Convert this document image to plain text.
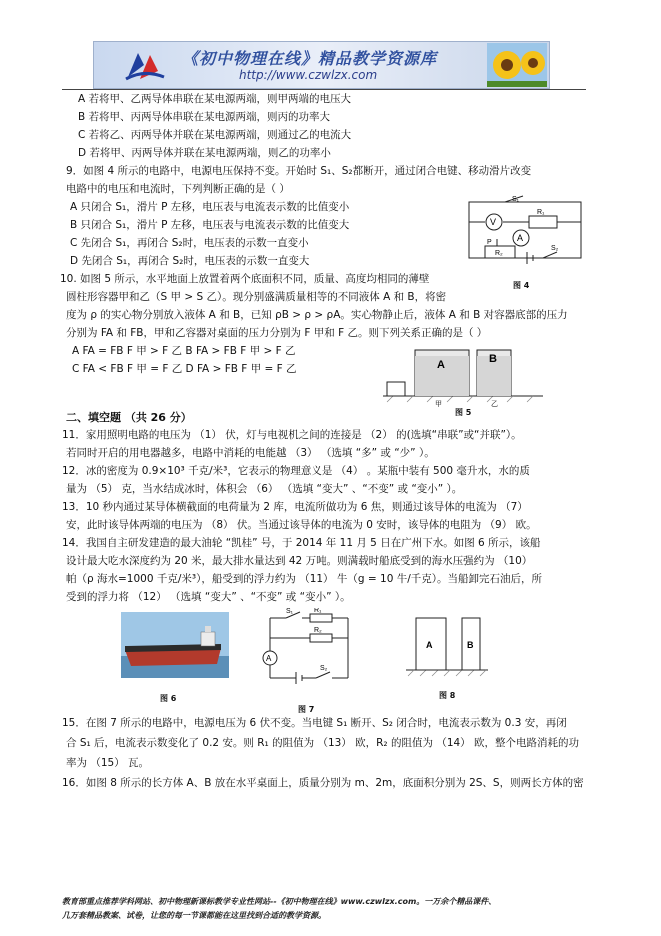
《初中物理在线》精品教学资源库
http://www.czwlzx.com
A 若将甲、乙两导体串联在某电源两端，则甲两端的电压大
B 若将甲、丙两导体串联在某电源两端，则丙的功率大
C 若将乙、丙两导体并联在某电源两端，则通过乙的电流大
D 若将甲、丙两导体并联在某电源两端，则乙的功率小
9．如图 4 所示的电路中，电源电压保持不变。开始时 S₁、S₂都断开，通过闭合电键、移动滑片改变
电路中的电压和电流时，下列判断正确的是（ ）
A 只闭合 S₁，滑片 P 左移，电压表与电流表示数的比值变小
B 只闭合 S₁，滑片 P 左移，电压表与电流表示数的比值变大
C 先闭合 S₁，再闭合 S₂时，电压表的示数一直变小
D 先闭合 S₁，再闭合 S₂时，电压表的示数一直变大
10. 如图 5 所示，水平地面上放置着两个底面积不同，质量、高度均相同的薄壁
圆柱形容器甲和乙（S 甲 > S 乙）。现分别盛满质量相等的不同液体 A 和 B，将密
度为 ρ 的实心物分别放入液体 A 和 B，已知 ρB > ρ > ρA。实心物静止后，液体 A 和 B 对容器底部的压力
分别为 FA 和 FB，甲和乙容器对桌面的压力分别为 F 甲和 F 乙。则下列关系正确的是（ ）
A FA = FB F 甲 > F 乙 B FA > FB F 甲 > F 乙
C FA < FB F 甲 = F 乙 D FA > FB F 甲 = F 乙
二、填空题 （共 26 分）
11．家用照明电路的电压为 （1） 伏，灯与电视机之间的连接是 （2） 的(选填“串联”或“并联”）。
若同时开启的用电器越多，电路中消耗的电能越 （3） （选填 “多” 或 “少” ）。
12．冰的密度为 0.9×10³ 千克/米³，它表示的物理意义是 （4） 。某瓶中装有 500 毫升水，水的质
量为 （5） 克，当水结成冰时，体积会 （6） （选填 “变大” 、“不变” 或 “变小” ）。
13．10 秒内通过某导体横截面的电荷量为 2 库，电流所做功为 6 焦，则通过该导体的电流为 （7）
安，此时该导体两端的电压为 （8） 伏。当通过该导体的电流为 0 安时，该导体的电阻为 （9） 欧。
14．我国自主研发建造的最大油轮 “凯桂” 号，于 2014 年 11 月 5 日在广州下水。如图 6 所示，该船
设计最大吃水深度约为 20 米，最大排水量达到 42 万吨。则满载时船底受到的海水压强约为 （10）
帕（ρ 海水=1000 千克/米³），船受到的浮力约为 （11） 牛（g = 10 牛/千克）。当船卸完石油后，所
受到的浮力将 （12） （选填 “变大” 、“不变” 或 “变小” ）。
15．在图 7 所示的电路中，电源电压为 6 伏不变。当电键 S₁ 断开、S₂ 闭合时，电流表示数为 0.3 安，再闭
合 S₁ 后，电流表示数变化了 0.2 安。则 R₁ 的阻值为 （13） 欧，R₂ 的阻值为 （14） 欧，整个电路消耗的功
率为 （15） 瓦。
16．如图 8 所示的长方体 A、B 放在水平桌面上，质量分别为 m、2m，底面积分别为 2S、S，则两长方体的密
V
A
S₁
R₁
P
R₂
S₂
图 4
A	B
甲	乙
图 5
图 6
A
S₁	R₁
R₂
S₂
图 7
A	B
图 8
教育部重点推荐学科网站、初中物理新课标教学专业性网站--《初中物理在线》www.czwlzx.com。一万余个精品课件、
几万套精品教案、试卷，让您的每一节课都能在这里找到合适的教学资源。
